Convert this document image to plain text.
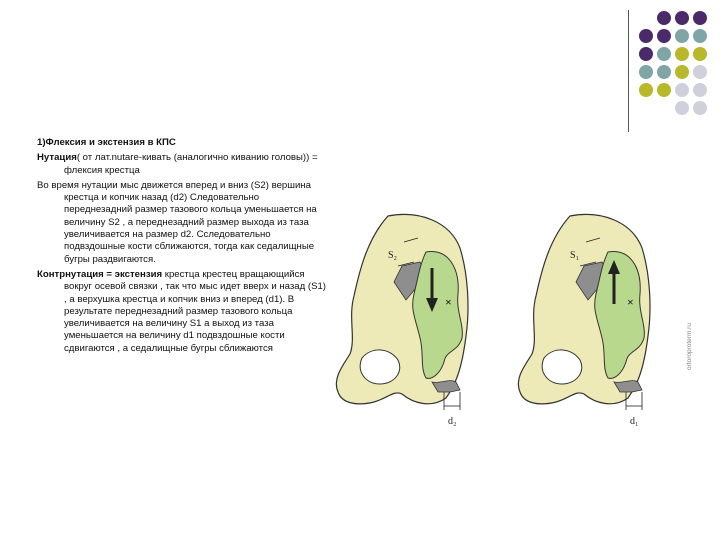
1)Флексия и экстензия в КПС

Нутация( от лат.nutare-кивать (аналогично киванию головы)) = флексия крестца

Во время нутации мыс движется вперед и вниз (S2) вершина крестца и копчик назад (d2) Следовательно переднезадний размер тазового кольца уменьшается на величину S2 , а переднезадний размер выхода из таза увеличивается на размер d2. Сследовательно подвздошные кости сближаются, тогда как седалищные бугры раздвигаются.

Контрнутация = экстензия крестца крестец вращающийся вокруг осевой связки , так что мыс идет вверх и назад (S1) , а верхушка крестца и копчик вниз и вперед (d1). В результате переднезадний размер тазового кольца увеличивается на величину S1 а выход из таза уменьшается на величину d1 подвздошные кости сдвигаются , а седалищные бугры сближаются

×
S₂
d₂
×
S₁
d₁
ortoroproterm.ru
